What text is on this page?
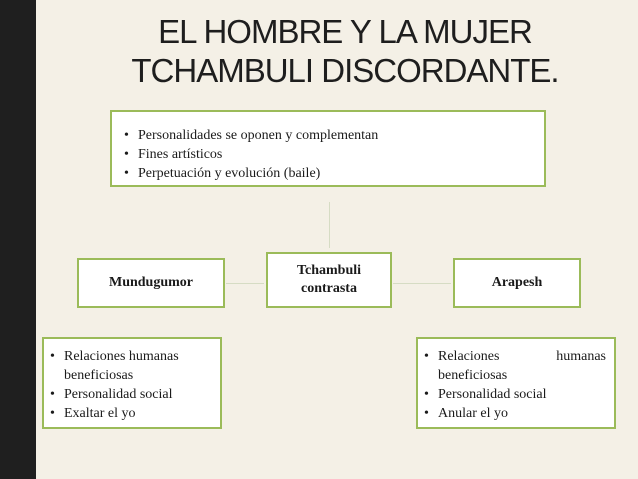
EL HOMBRE Y LA MUJER
TCHAMBULI DISCORDANTE.
• Personalidades se oponen y complementan
• Fines artísticos
• Perpetuación y evolución (baile)
Mundugumor
Tchambuli
contrasta	Arapesh
• Relaciones humanas beneficiosas
• Personalidad social
• Exaltar el yo
• Relaciones humanas beneficiosas
• Personalidad social
• Anular el yo
